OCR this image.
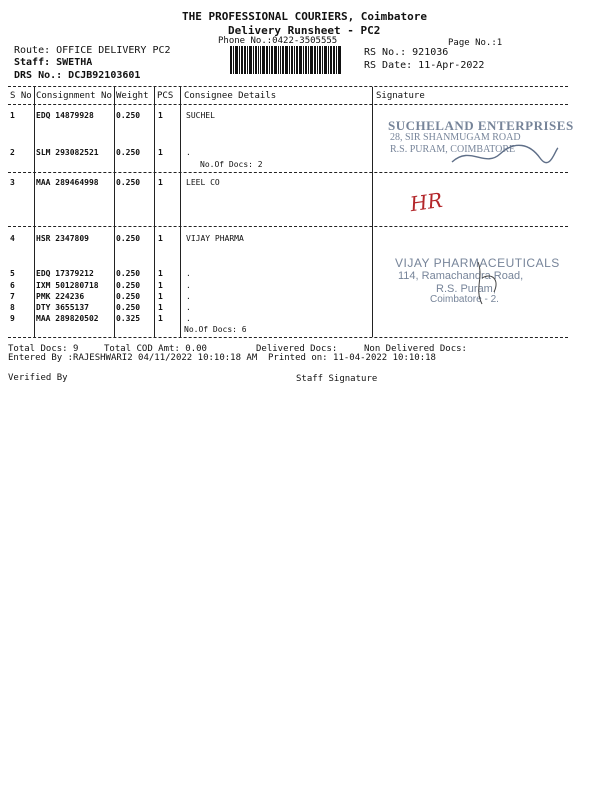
THE PROFESSIONAL COURIERS, Coimbatore
Delivery Runsheet - PC2
Phone No.:0422-3505555	Page No.:1
Route: OFFICE DELIVERY PC2
Staff: SWETHA
DRS No.: DCJB92103601
RS No.: 921036
RS Date: 11-Apr-2022
S No Consignment No Weight PCS Consignee Details	Signature
1	EDQ 14879928	0.250 1	SUCHEL
2	SLM 293082521 0.250 1	.
No.Of Docs: 2
3	MAA 289464998 0.250 1	LEEL CO
4	HSR 2347809	0.250 1	VIJAY PHARMA
5	EDQ 17379212	0.250 1	.
6	IXM 501280718 0.250 1	.
7	PMK 224236	0.250 1	.
8	DTY 3655137	0.250 1	.
9	MAA 289820502 0.325 1	.
No.Of Docs: 6
SUCHELAND ENTERPRISES
28, SIR SHANMUGAM ROAD
R.S. PURAM, COIMBATORE
HR
VIJAY PHARMACEUTICALS
114, Ramachandra Road,
R.S. Puram,
Coimbatore - 2.
Total Docs: 9	Total COD Amt: 0.00	Delivered Docs:	Non Delivered Docs:
Entered By :RAJESHWARI2 04/11/2022 10:10:18 AM Printed on: 11-04-2022 10:10:18
Verified By	Staff Signature
